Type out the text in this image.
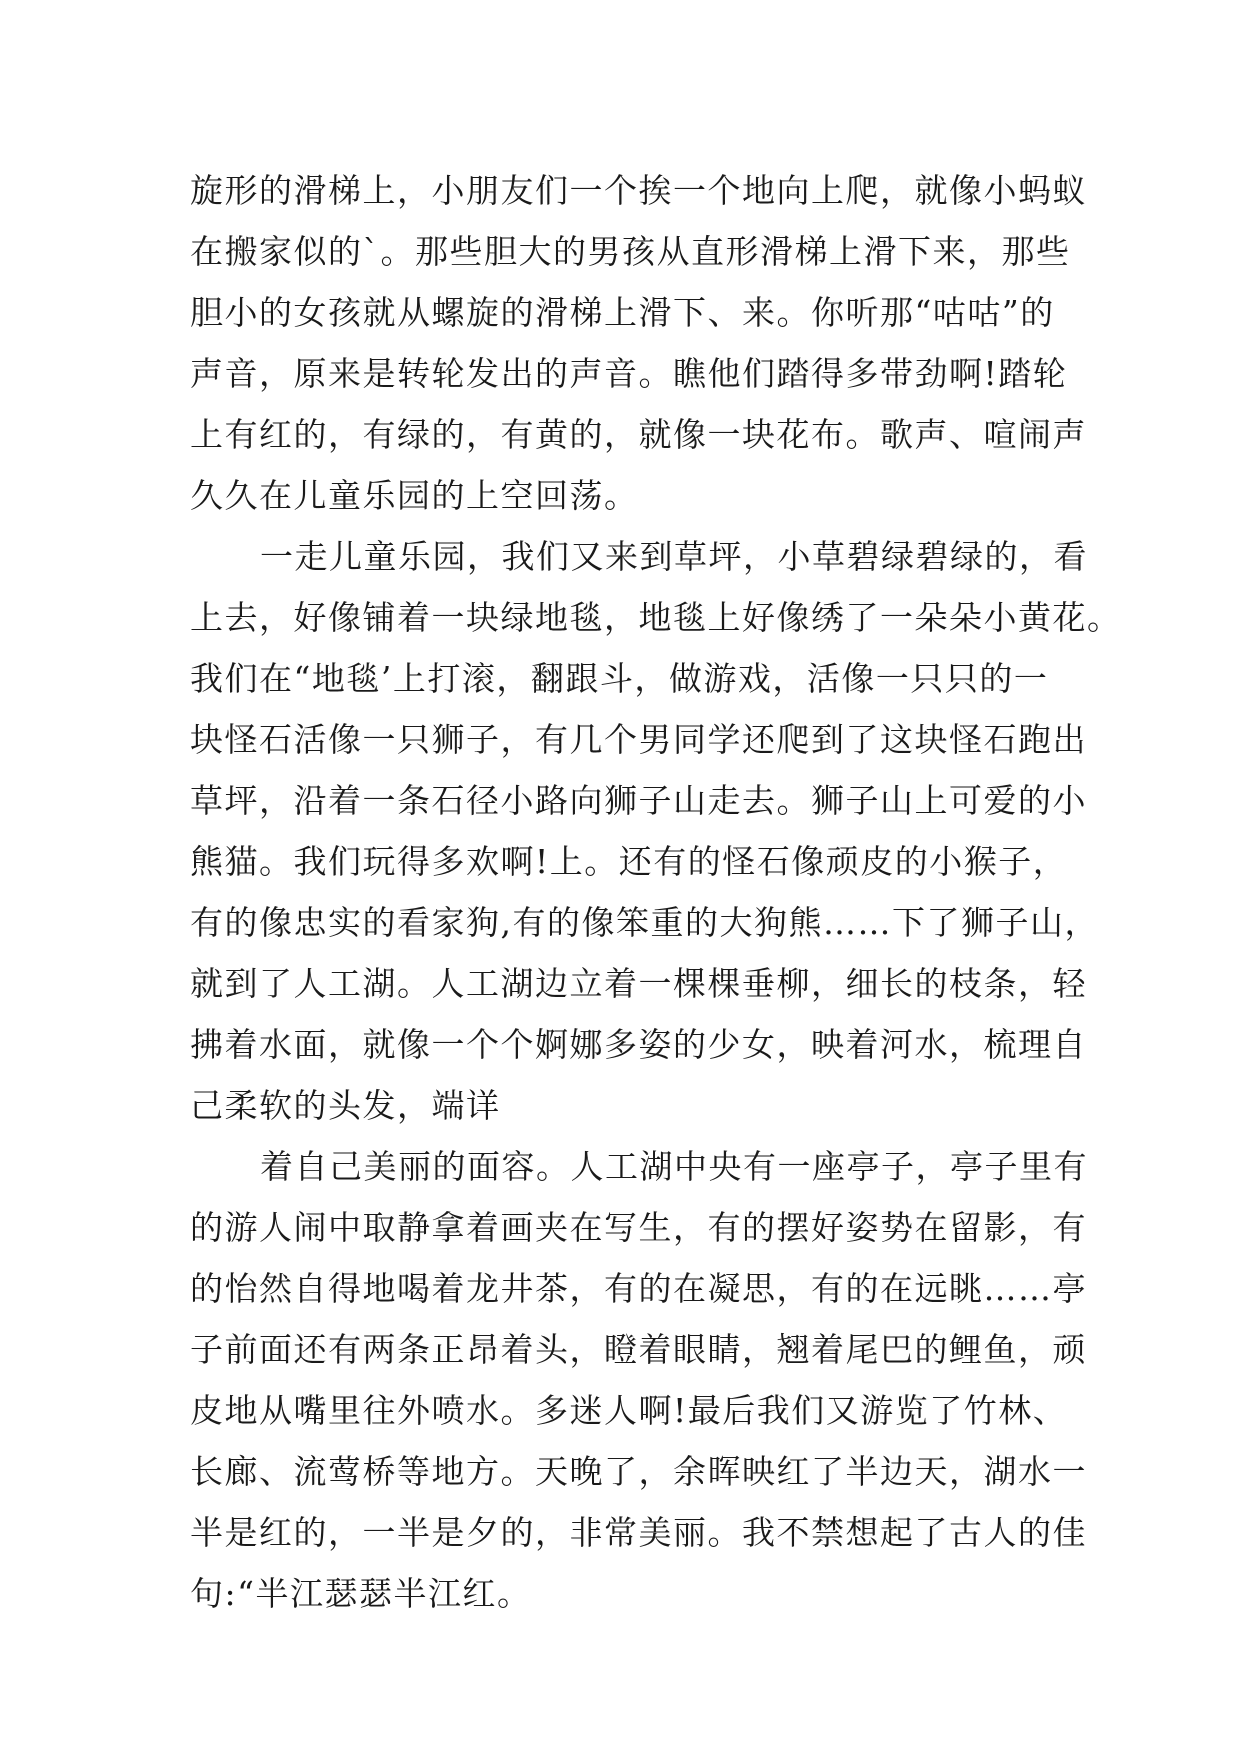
旋形的滑梯上，小朋友们一个挨一个地向上爬，就像小蚂蚁
在搬家似的`。那些胆大的男孩从直形滑梯上滑下来，那些
胆小的女孩就从螺旋的滑梯上滑下、来。你听那“咕咕”的
声音，原来是转轮发出的声音。瞧他们踏得多带劲啊!踏轮
上有红的，有绿的，有黄的，就像一块花布。歌声、喧闹声
久久在儿童乐园的上空回荡。
一走儿童乐园，我们又来到草坪，小草碧绿碧绿的，看
上去，好像铺着一块绿地毯，地毯上好像绣了一朵朵小黄花。
我们在“地毯’上打滚，翻跟斗，做游戏，活像一只只的一
块怪石活像一只狮子，有几个男同学还爬到了这块怪石跑出
草坪，沿着一条石径小路向狮子山走去。狮子山上可爱的小
熊猫。我们玩得多欢啊!上。还有的怪石像顽皮的小猴子，
有的像忠实的看家狗,有的像笨重的大狗熊……下了狮子山，
就到了人工湖。人工湖边立着一棵棵垂柳，细长的枝条，轻
拂着水面，就像一个个婀娜多姿的少女，映着河水，梳理自
己柔软的头发，端详
着自己美丽的面容。人工湖中央有一座亭子，亭子里有
的游人闹中取静拿着画夹在写生，有的摆好姿势在留影，有
的怡然自得地喝着龙井茶，有的在凝思，有的在远眺……亭
子前面还有两条正昂着头，瞪着眼睛，翘着尾巴的鲤鱼，顽
皮地从嘴里往外喷水。多迷人啊!最后我们又游览了竹林、
长廊、流莺桥等地方。天晚了，余晖映红了半边天，湖水一
半是红的，一半是夕的，非常美丽。我不禁想起了古人的佳
句:“半江瑟瑟半江红。
